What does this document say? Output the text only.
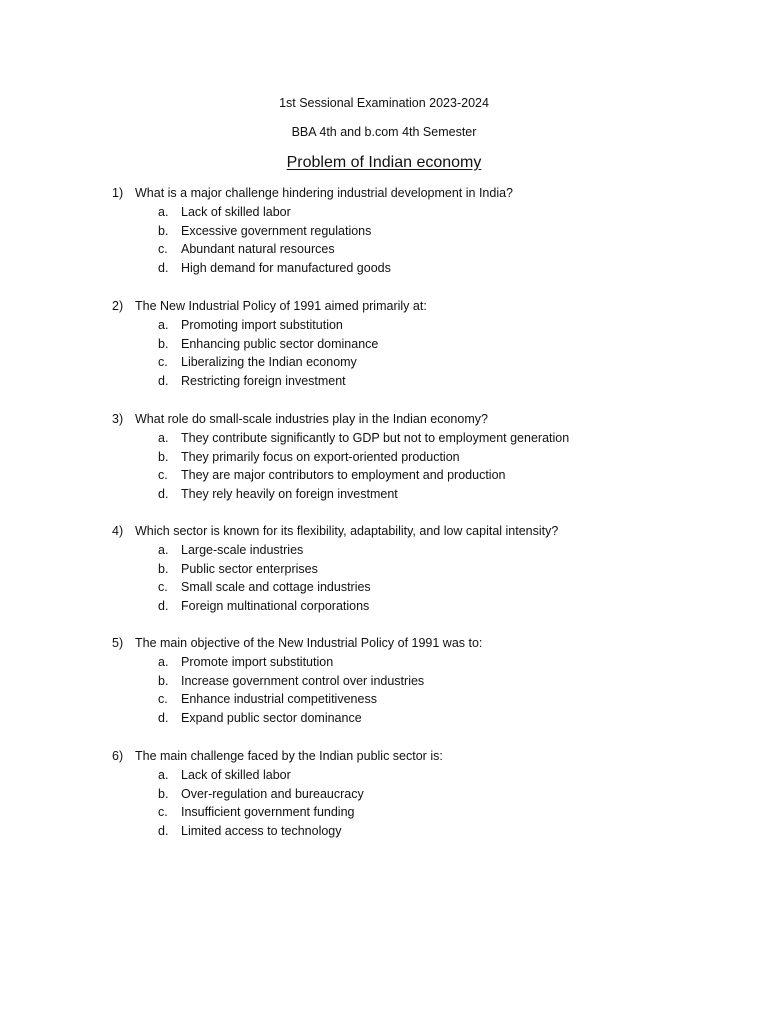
1st Sessional Examination 2023-2024
BBA 4th and b.com 4th Semester
Problem of Indian economy
1) What is a major challenge hindering industrial development in India?
a.	Lack of skilled labor
b.	Excessive government regulations
c.	Abundant natural resources
d.	High demand for manufactured goods
2) The New Industrial Policy of 1991 aimed primarily at:
a.	Promoting import substitution
b.	Enhancing public sector dominance
c.	Liberalizing the Indian economy
d.	Restricting foreign investment
3) What role do small-scale industries play in the Indian economy?
a.	They contribute significantly to GDP but not to employment generation
b.	They primarily focus on export-oriented production
c.	They are major contributors to employment and production
d.	They rely heavily on foreign investment
4) Which sector is known for its flexibility, adaptability, and low capital intensity?
a.	Large-scale industries
b.	Public sector enterprises
c.	Small scale and cottage industries
d.	Foreign multinational corporations
5) The main objective of the New Industrial Policy of 1991 was to:
a.	Promote import substitution
b.	Increase government control over industries
c.	Enhance industrial competitiveness
d.	Expand public sector dominance
6) The main challenge faced by the Indian public sector is:
a.	Lack of skilled labor
b.	Over-regulation and bureaucracy
c.	Insufficient government funding
d.	Limited access to technology
